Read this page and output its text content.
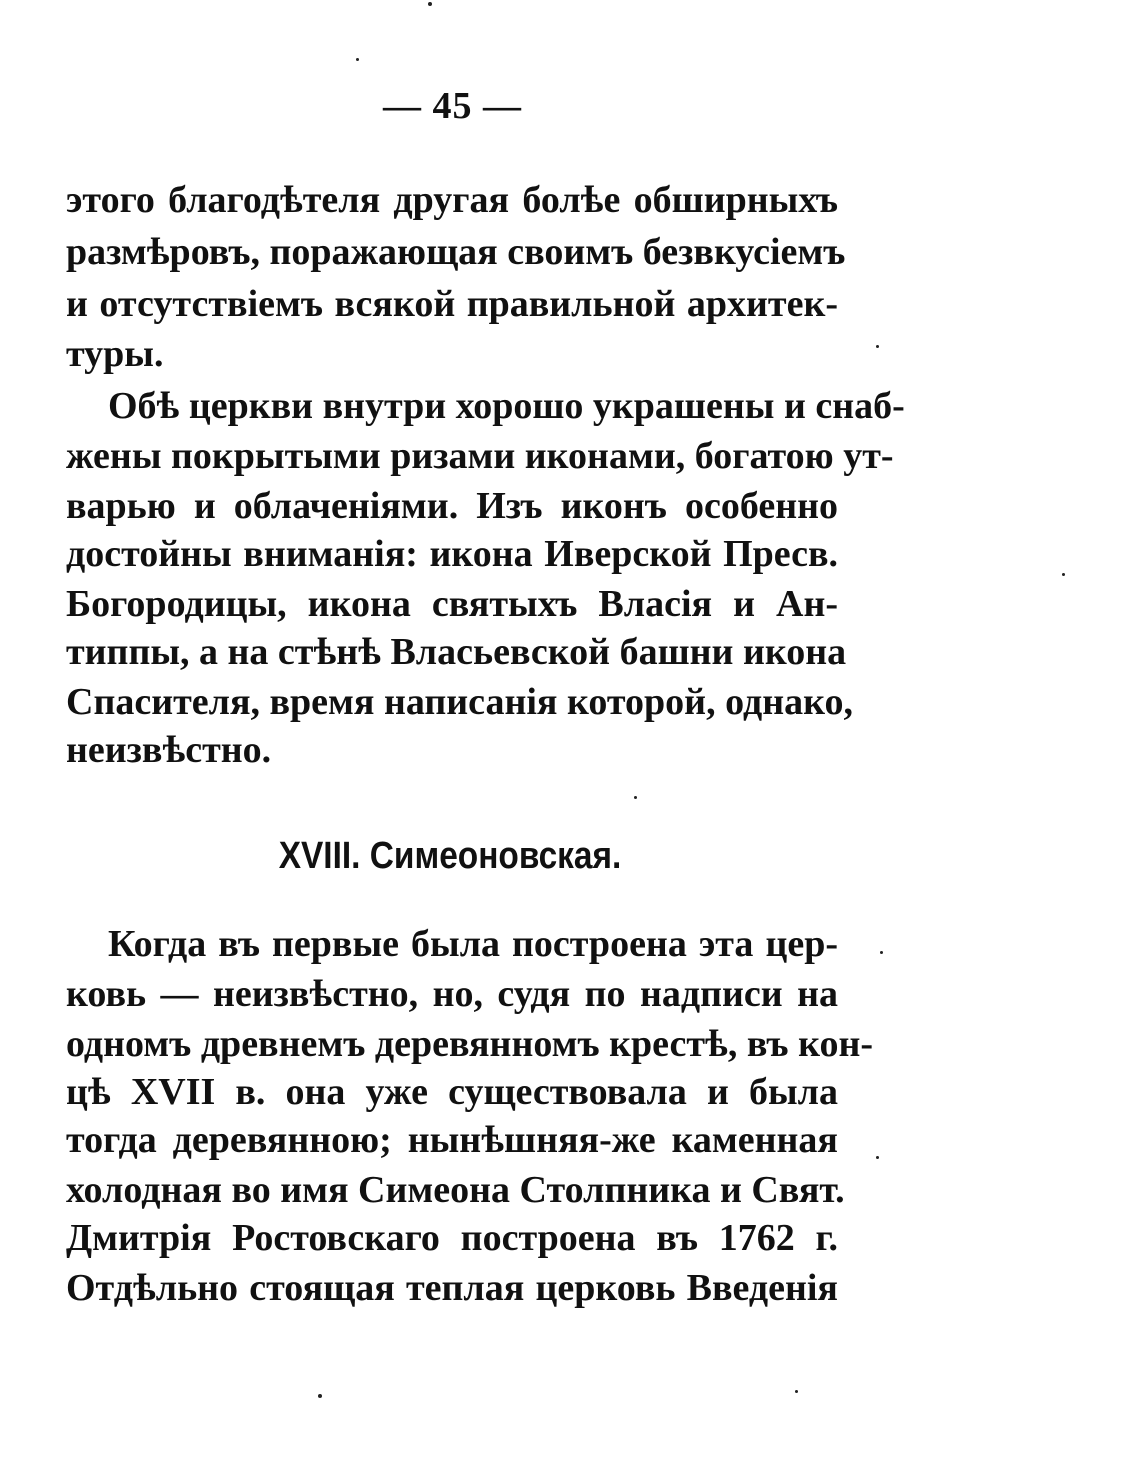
— 45 —
этого благодѣтеля другая болѣе обширныхъ
размѣровъ, поражающая своимъ безвкусiемъ
и отсутствiемъ всякой правильной архитек-
туры.
Обѣ церкви внутри хорошо украшены и снаб-
жены покрытыми ризами иконами, богатою ут-
варью и облаченiями. Изъ иконъ особенно
достойны вниманiя: икона Иверской Пресв.
Богородицы, икона святыхъ Власiя и Ан-
типпы, а на стѣнѣ Власьевской башни икона
Спасителя, время написанiя которой, однако,
неизвѣстно.
XVIII. Симеоновская.
Когда въ первые была построена эта цер-
ковь — неизвѣстно, но, судя по надписи на
одномъ древнемъ деревянномъ крестѣ, въ кон-
цѣ XVII в. она уже существовала и была
тогда деревянною; нынѣшняя-же каменная
холодная во имя Симеона Столпника и Свят.
Дмитрiя Ростовскаго построена въ 1762 г.
Отдѣльно стоящая теплая церковь Введенiя
